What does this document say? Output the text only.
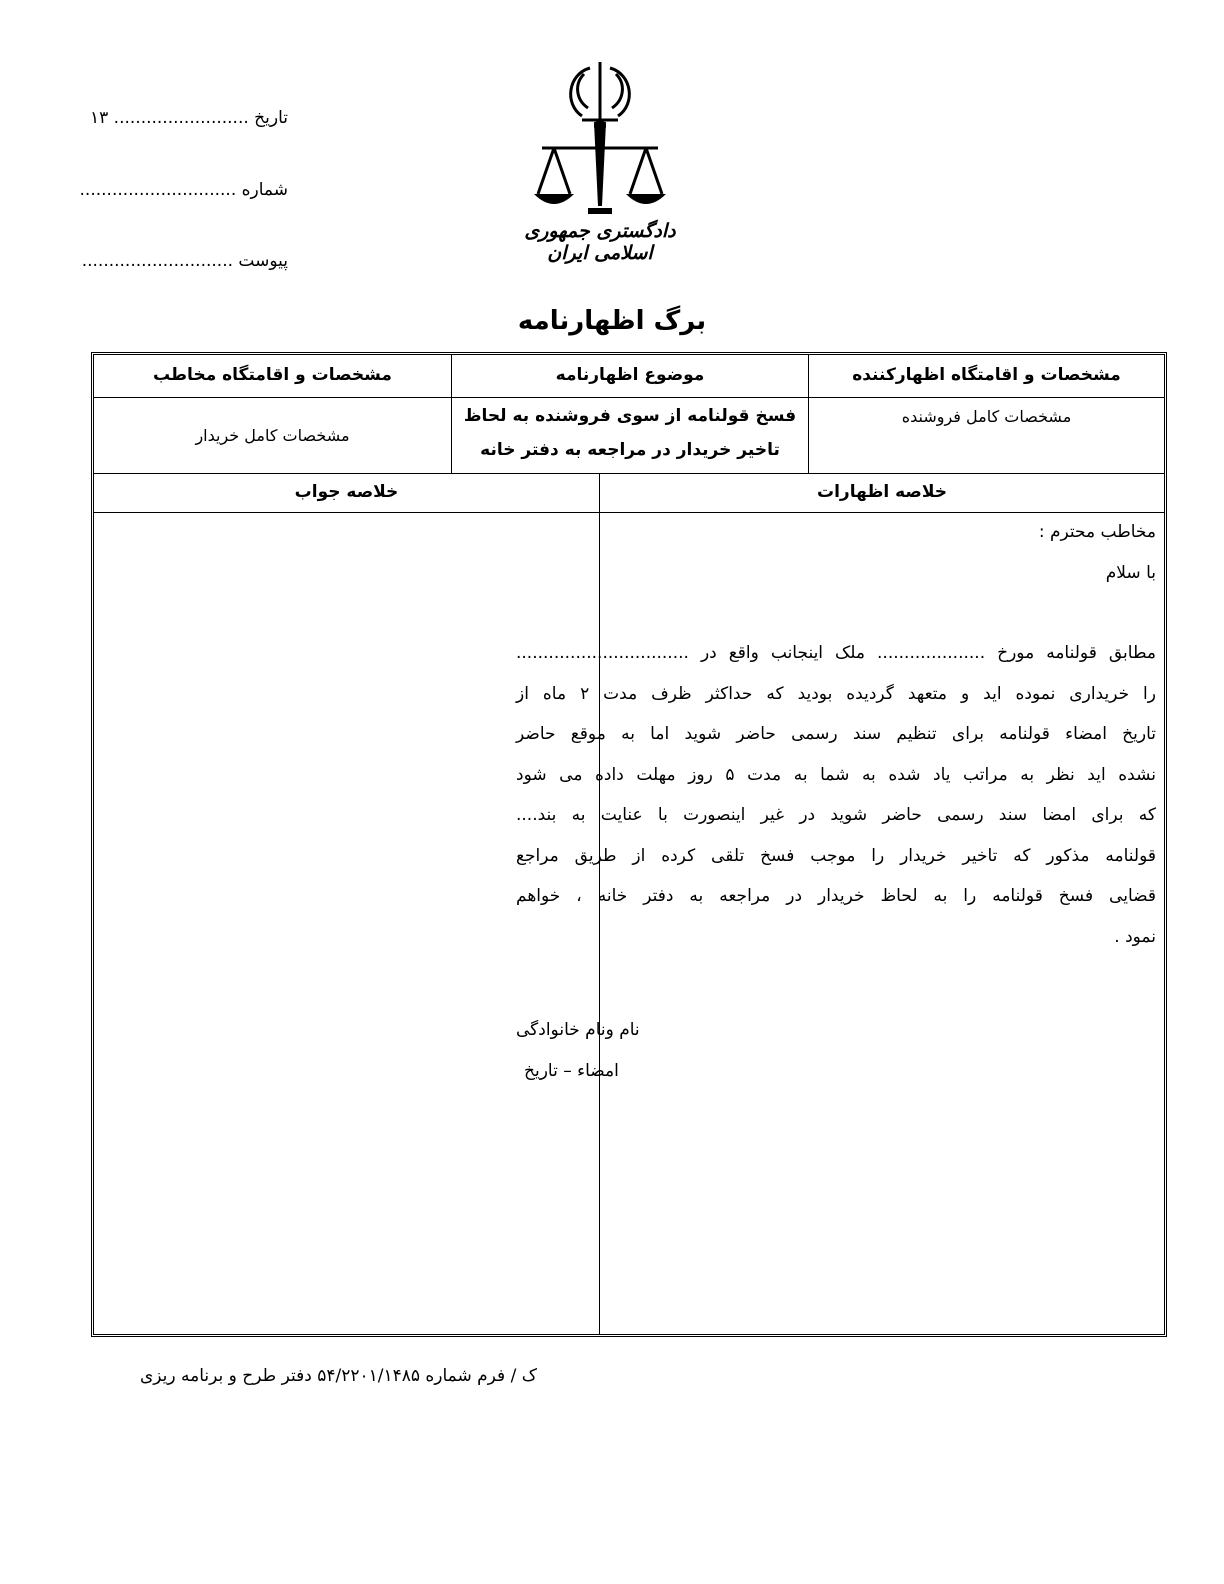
تاریخ ......................... ۱۳
شماره .............................
پیوست ............................
دادگستری جمهوری اسلامی ایران
برگ اظهارنامه
مشخصات و اقامتگاه اظهارکننده
موضوع اظهارنامه
مشخصات و اقامتگاه مخاطب
مشخصات کامل فروشنده
فسخ قولنامه از سوی فروشنده به لحاظ
تاخیر خریدار در مراجعه به دفتر خانه
مشخصات کامل خریدار
خلاصه اظهارات
خلاصه جواب

مخاطب محترم :

با سلام

مطابق قولنامه مورخ .................... ملک اینجانب واقع در ................................

را خریداری نموده اید و متعهد گردیده بودید که حداکثر ظرف مدت ۲ ماه از

تاریخ امضاء قولنامه برای تنظیم سند رسمی حاضر شوید اما به موقع حاضر

نشده اید نظر به مراتب یاد شده به شما به مدت ۵ روز مهلت داده می شود

که برای امضا سند رسمی حاضر شوید در غیر اینصورت با عنایت به بند....

قولنامه مذکور که تاخیر خریدار را موجب فسخ تلقی کرده از طریق مراجع

قضایی فسخ قولنامه را به لحاظ خریدار در مراجعه به دفتر خانه ، خواهم

نمود .

نام ونام خانوادگی

امضاء – تاریخ

ک / فرم شماره ۵۴/۲۲۰۱/۱۴۸۵ دفتر طرح و برنامه ریزی
